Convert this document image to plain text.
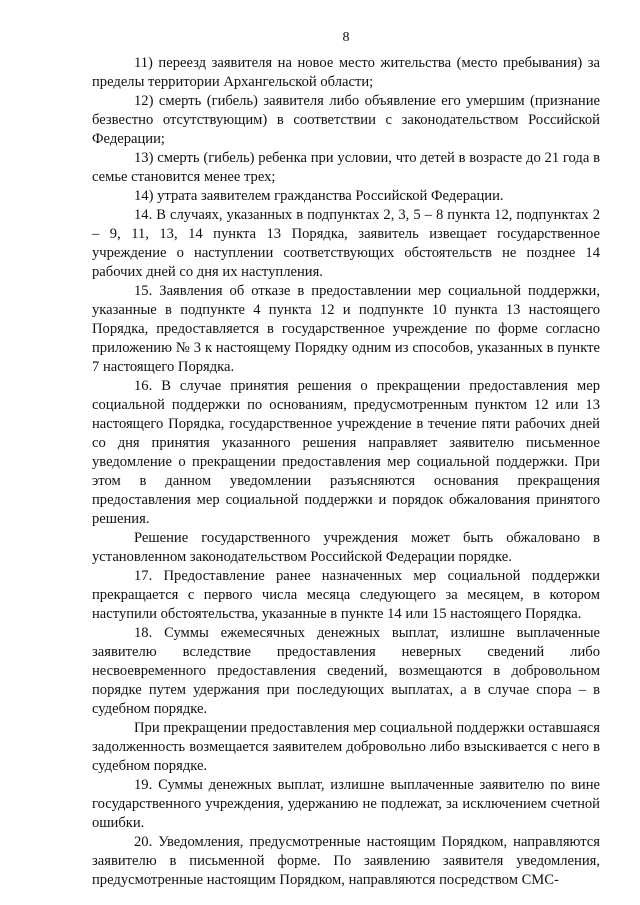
8

11) переезд заявителя на новое место жительства (место пребывания) за пределы территории Архангельской области;

12) смерть (гибель) заявителя либо объявление его умершим (признание безвестно отсутствующим) в соответствии с законодательством Российской Федерации;

13) смерть (гибель) ребенка при условии, что детей в возрасте до 21 года в семье становится менее трех;

14) утрата заявителем гражданства Российской Федерации.

14. В случаях, указанных в подпунктах 2, 3, 5 – 8 пункта 12, подпунктах 2 – 9, 11, 13, 14 пункта 13 Порядка, заявитель извещает государственное учреждение о наступлении соответствующих обстоятельств не позднее 14 рабочих дней со дня их наступления.

15. Заявления об отказе в предоставлении мер социальной поддержки, указанные в подпункте 4 пункта 12 и подпункте 10 пункта 13 настоящего Порядка, предоставляется в государственное учреждение по форме согласно приложению № 3 к настоящему Порядку одним из способов, указанных в пункте 7 настоящего Порядка.

16. В случае принятия решения о прекращении предоставления мер социальной поддержки по основаниям, предусмотренным пунктом 12 или 13 настоящего Порядка, государственное учреждение в течение пяти рабочих дней со дня принятия указанного решения направляет заявителю письменное уведомление о прекращении предоставления мер социальной поддержки. При этом в данном уведомлении разъясняются основания прекращения предоставления мер социальной поддержки и порядок обжалования принятого решения.

Решение государственного учреждения может быть обжаловано в установленном законодательством Российской Федерации порядке.

17. Предоставление ранее назначенных мер социальной поддержки прекращается с первого числа месяца следующего за месяцем, в котором наступили обстоятельства, указанные в пункте 14 или 15 настоящего Порядка.

18. Суммы ежемесячных денежных выплат, излишне выплаченные заявителю вследствие предоставления неверных сведений либо несвоевременного предоставления сведений, возмещаются в добровольном порядке путем удержания при последующих выплатах, а в случае спора – в судебном порядке.

При прекращении предоставления мер социальной поддержки оставшаяся задолженность возмещается заявителем добровольно либо взыскивается с него в судебном порядке.

19. Суммы денежных выплат, излишне выплаченные заявителю по вине государственного учреждения, удержанию не подлежат, за исключением счетной ошибки.

20. Уведомления, предусмотренные настоящим Порядком, направляются заявителю в письменной форме. По заявлению заявителя уведомления, предусмотренные настоящим Порядком, направляются посредством СМС-
